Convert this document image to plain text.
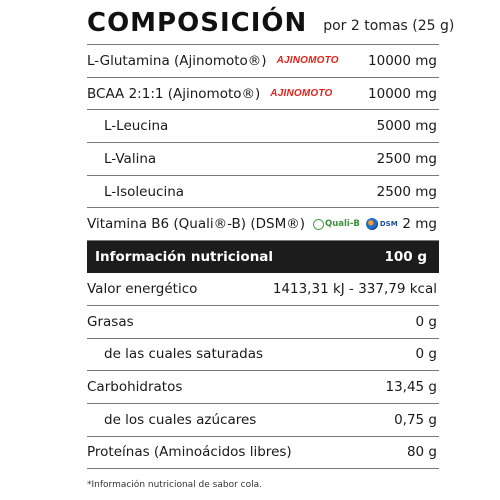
COMPOSICIÓN por 2 tomas (25 g)
L-Glutamina (Ajinomoto®) AJINOMOTO 10000 mg
BCAA 2:1:1 (Ajinomoto®) AJINOMOTO	10000 mg
L-Leucina	5000 mg
L-Valina	2500 mg
L-Isoleucina	2500 mg
Vitamina B6 (Quali®-B) (DSM®) Quali-B	DSM 2 mg
Información nutricional	100 g
Valor energético	1413,31 kJ - 337,79 kcal
Grasas	0 g
de las cuales saturadas	0 g
Carbohidratos	13,45 g
de los cuales azúcares	0,75 g
Proteínas (Aminoácidos libres)	80 g
*Información nutricional de sabor cola.
